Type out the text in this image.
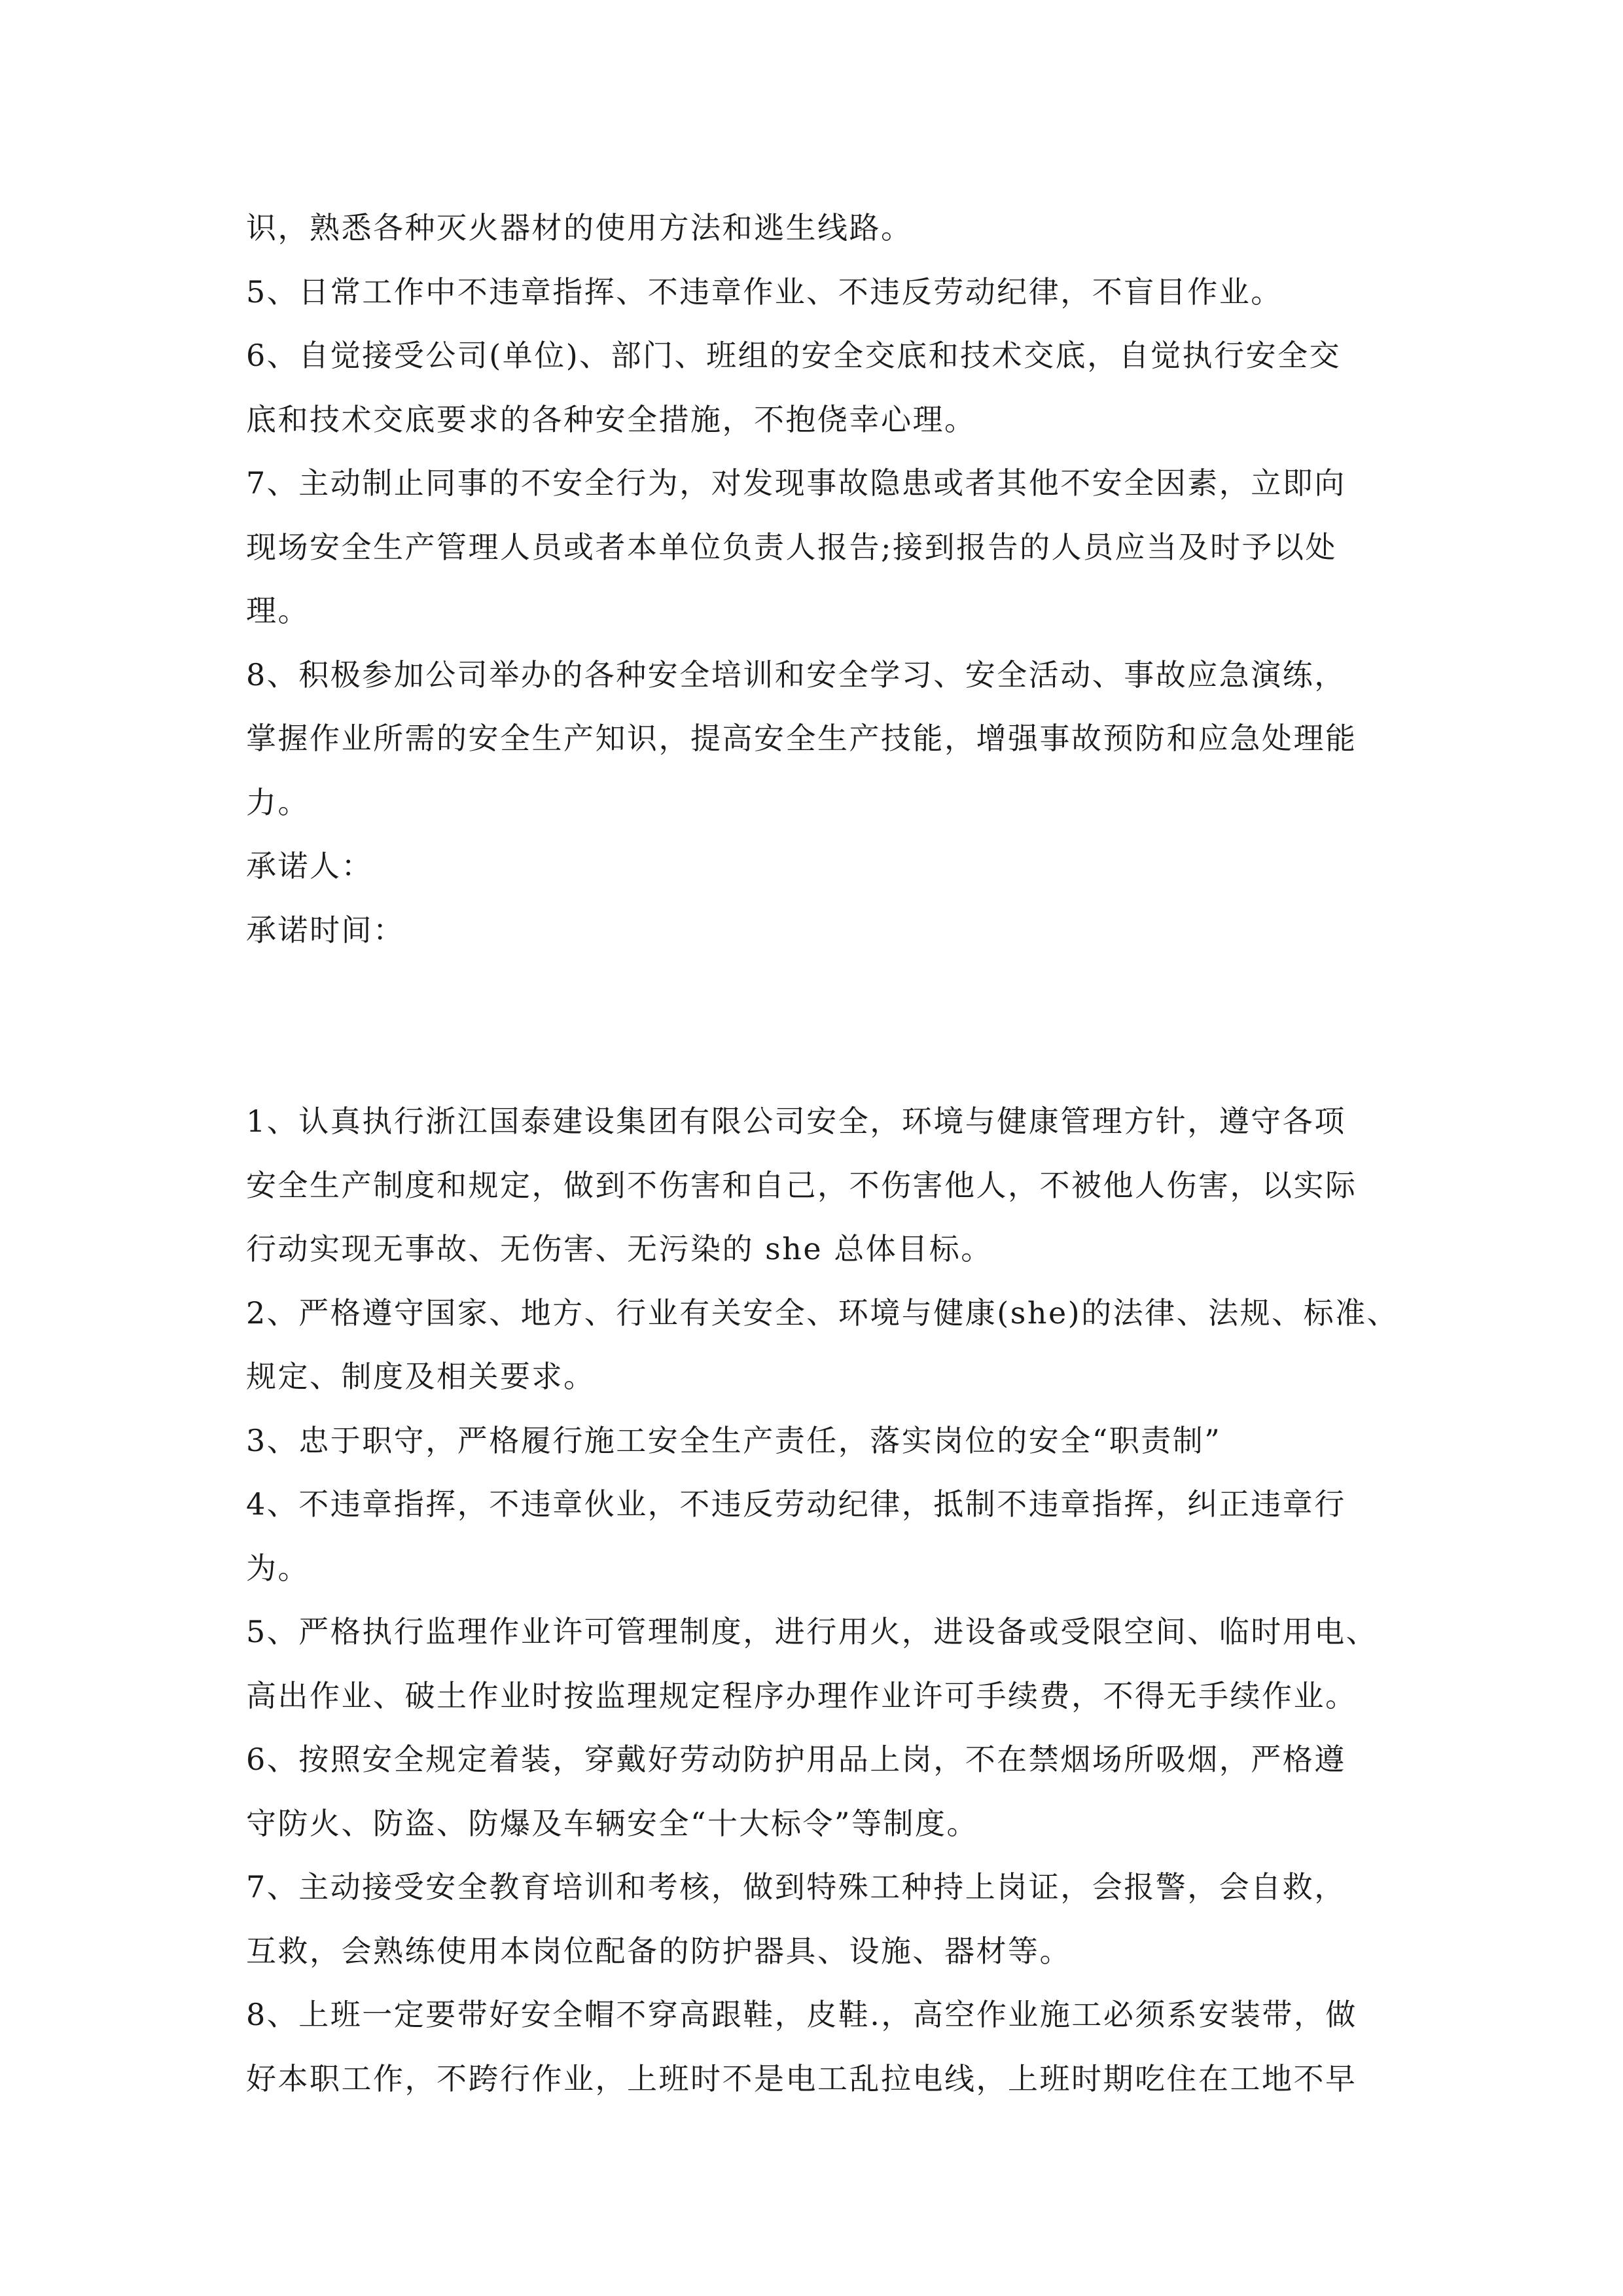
识，熟悉各种灭火器材的使用方法和逃生线路。
5、日常工作中不违章指挥、不违章作业、不违反劳动纪律，不盲目作业。
6、自觉接受公司(单位)、部门、班组的安全交底和技术交底，自觉执行安全交
底和技术交底要求的各种安全措施，不抱侥幸心理。
7、主动制止同事的不安全行为，对发现事故隐患或者其他不安全因素，立即向
现场安全生产管理人员或者本单位负责人报告;接到报告的人员应当及时予以处
理。
8、积极参加公司举办的各种安全培训和安全学习、安全活动、事故应急演练，
掌握作业所需的安全生产知识，提高安全生产技能，增强事故预防和应急处理能
力。
承诺人：
承诺时间：
1、认真执行浙江国泰建设集团有限公司安全，环境与健康管理方针，遵守各项
安全生产制度和规定，做到不伤害和自己，不伤害他人，不被他人伤害，以实际
行动实现无事故、无伤害、无污染的 she 总体目标。
2、严格遵守国家、地方、行业有关安全、环境与健康(she)的法律、法规、标准、
规定、制度及相关要求。
3、忠于职守，严格履行施工安全生产责任，落实岗位的安全“职责制”
4、不违章指挥，不违章伙业，不违反劳动纪律，抵制不违章指挥，纠正违章行
为。
5、严格执行监理作业许可管理制度，进行用火，进设备或受限空间、临时用电、
高出作业、破土作业时按监理规定程序办理作业许可手续费，不得无手续作业。
6、按照安全规定着装，穿戴好劳动防护用品上岗，不在禁烟场所吸烟，严格遵
守防火、防盗、防爆及车辆安全“十大标令”等制度。
7、主动接受安全教育培训和考核，做到特殊工种持上岗证，会报警，会自救，
互救，会熟练使用本岗位配备的防护器具、设施、器材等。
8、上班一定要带好安全帽不穿高跟鞋，皮鞋.，高空作业施工必须系安装带，做
好本职工作，不跨行作业，上班时不是电工乱拉电线，上班时期吃住在工地不早
